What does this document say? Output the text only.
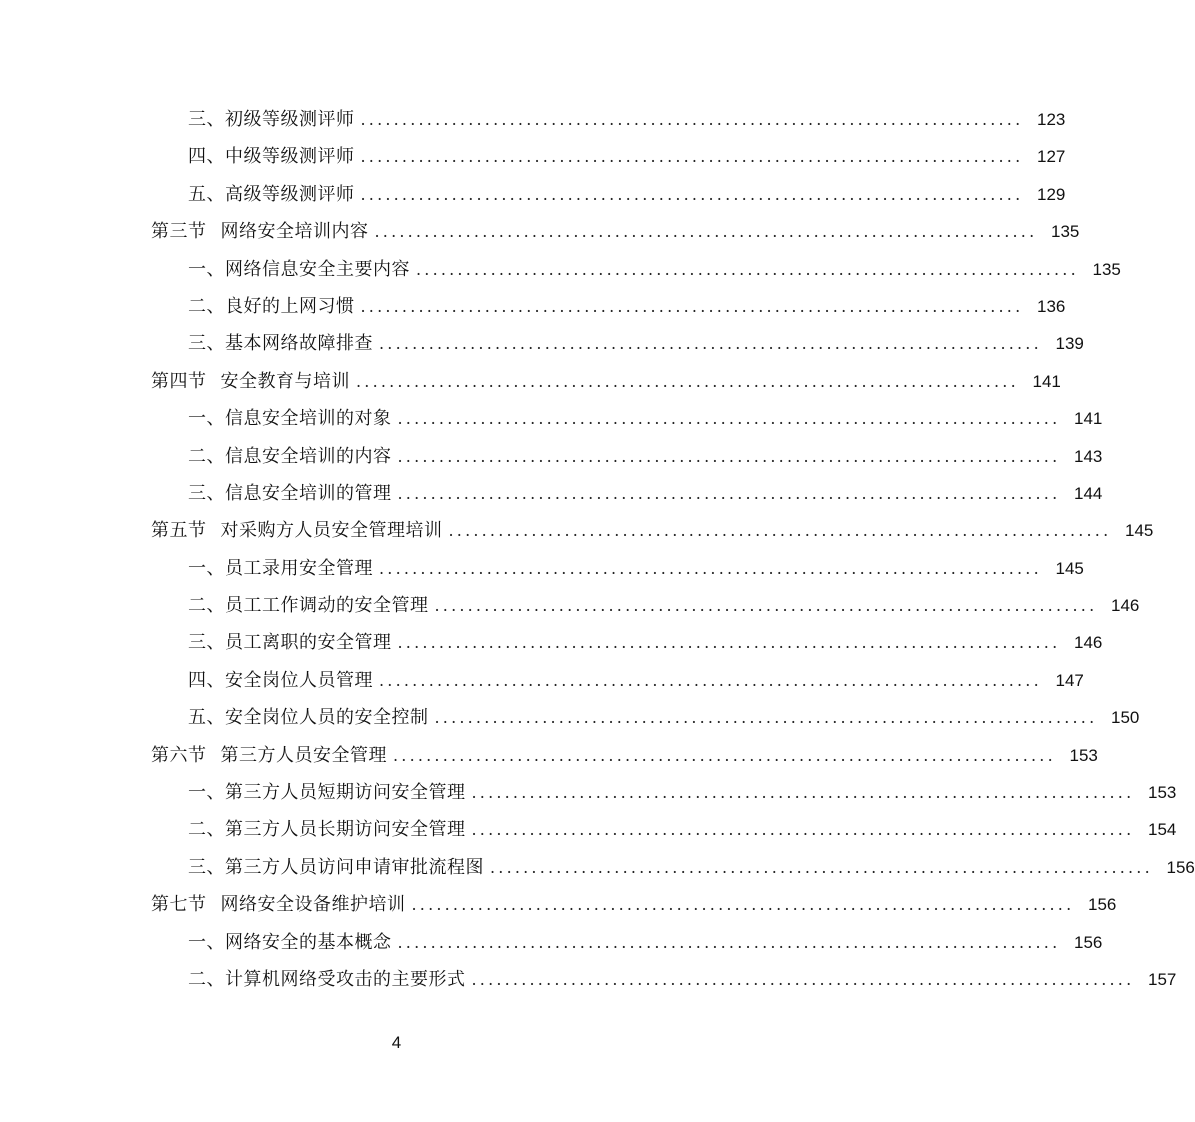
三、初级等级测评师 ................................................................................ 123
四、中级等级测评师 ................................................................................ 127
五、高级等级测评师 ................................................................................ 129
第三节 网络安全培训内容 ................................................................................ 135
一、网络信息安全主要内容 ................................................................................ 135
二、良好的上网习惯 ................................................................................ 136
三、基本网络故障排查 ................................................................................ 139
第四节 安全教育与培训 ................................................................................ 141
一、信息安全培训的对象 ................................................................................ 141
二、信息安全培训的内容 ................................................................................ 143
三、信息安全培训的管理 ................................................................................ 144
第五节 对采购方人员安全管理培训 ................................................................................ 145
一、员工录用安全管理 ................................................................................ 145
二、员工工作调动的安全管理 ................................................................................ 146
三、员工离职的安全管理 ................................................................................ 146
四、安全岗位人员管理 ................................................................................ 147
五、安全岗位人员的安全控制 ................................................................................ 150
第六节 第三方人员安全管理 ................................................................................ 153
一、第三方人员短期访问安全管理 ................................................................................ 153
二、第三方人员长期访问安全管理 ................................................................................ 154
三、第三方人员访问申请审批流程图 ................................................................................ 156
第七节 网络安全设备维护培训 ................................................................................ 156
一、网络安全的基本概念 ................................................................................ 156
二、计算机网络受攻击的主要形式 ................................................................................ 157
4
